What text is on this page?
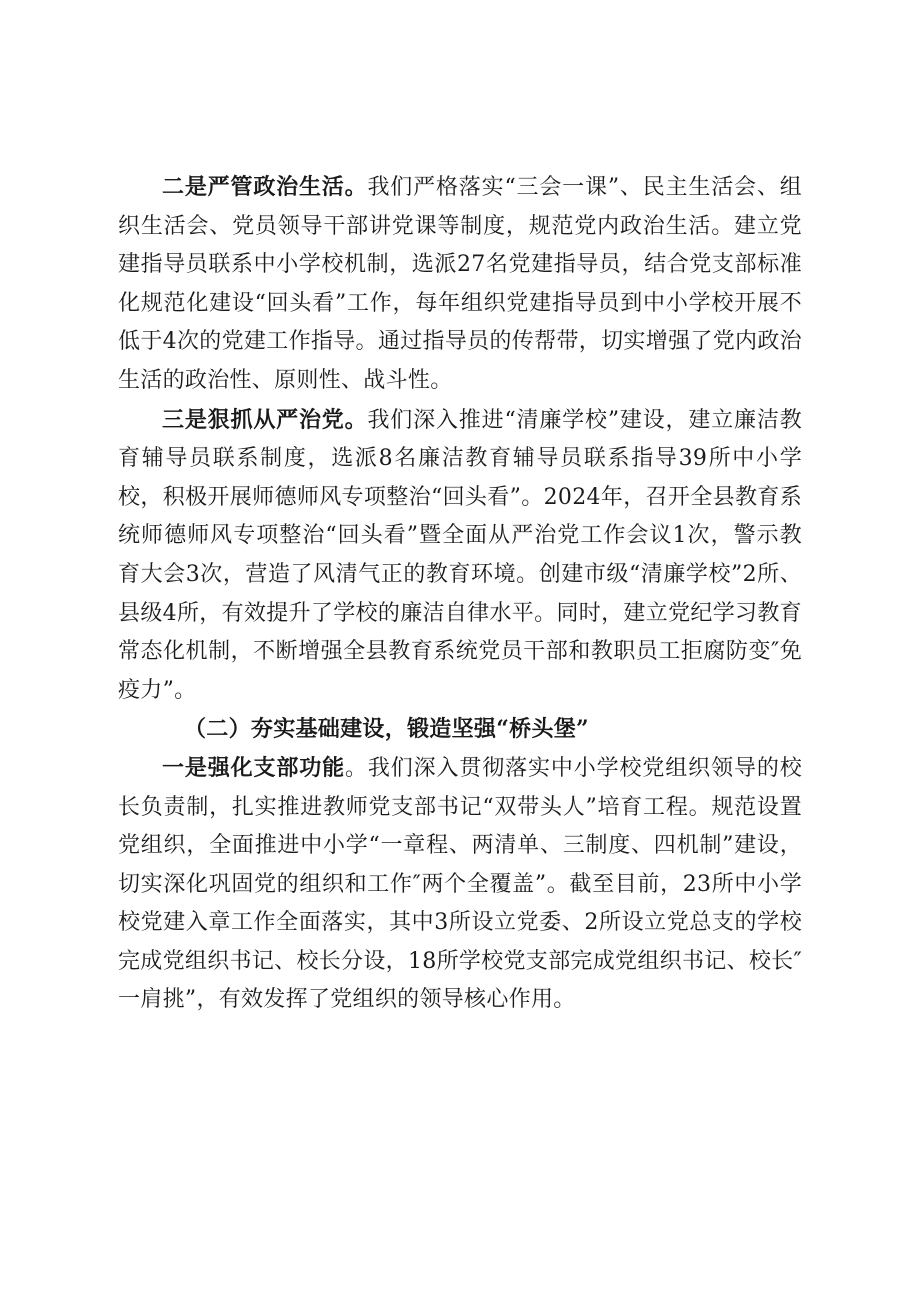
二是严管政治生活。我们严格落实“三会一课”、民主生活会、组织生活会、党员领导干部讲党课等制度，规范党内政治生活。建立党建指导员联系中小学校机制，选派27名党建指导员，结合党支部标准化规范化建设“回头看”工作，每年组织党建指导员到中小学校开展不低于4次的党建工作指导。通过指导员的传帮带，切实增强了党内政治生活的政治性、原则性、战斗性。

三是狠抓从严治党。我们深入推进“清廉学校”建设，建立廉洁教育辅导员联系制度，选派8名廉洁教育辅导员联系指导39所中小学校，积极开展师德师风专项整治“回头看”。2024年，召开全县教育系统师德师风专项整治“回头看”暨全面从严治党工作会议1次，警示教育大会3次，营造了风清气正的教育环境。创建市级“清廉学校”2所、县级4所，有效提升了学校的廉洁自律水平。同时，建立党纪学习教育常态化机制，不断增强全县教育系统党员干部和教职员工拒腐防变″免疫力”。

（二）夯实基础建设，锻造坚强“桥头堡”

一是强化支部功能。我们深入贯彻落实中小学校党组织领导的校长负责制，扎实推进教师党支部书记“双带头人”培育工程。规范设置党组织，全面推进中小学“一章程、两清单、三制度、四机制”建设，切实深化巩固党的组织和工作″两个全覆盖”。截至目前，23所中小学校党建入章工作全面落实，其中3所设立党委、2所设立党总支的学校完成党组织书记、校长分设，18所学校党支部完成党组织书记、校长″一肩挑”，有效发挥了党组织的领导核心作用。
